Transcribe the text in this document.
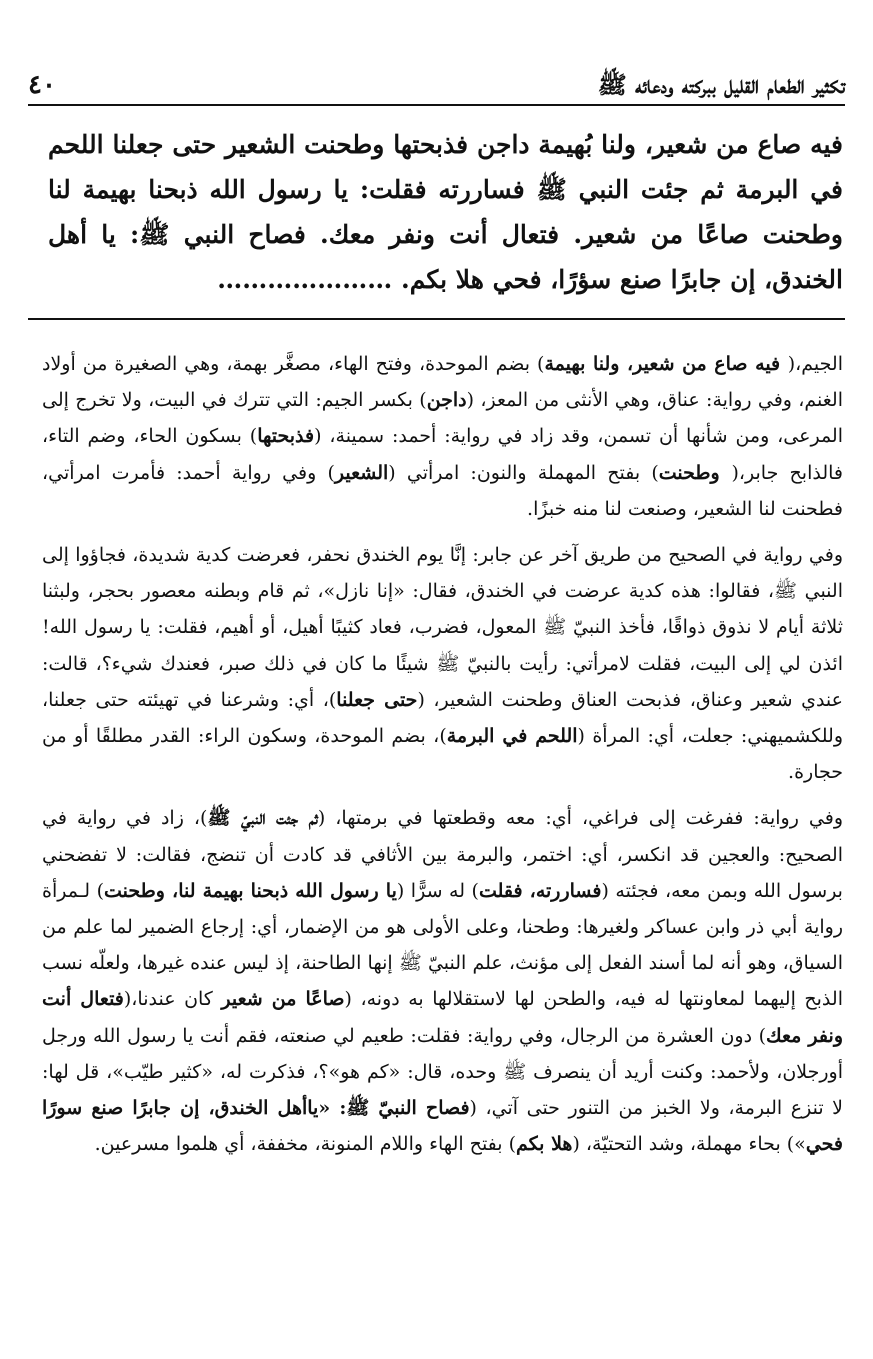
تكثير الطعام القليل ببركته ودعائه ﷺ
٤٠
فيه صاع من شعير، ولنا بُهيمة داجن فذبحتها وطحنت الشعير حتى جعلنا اللحم في البرمة ثم جئت النبي ﷺ فساررته فقلت: يا رسول الله ذبحنا بهيمة لنا وطحنت صاعًا من شعير. فتعال أنت ونفر معك. فصاح النبي ﷺ: يا أهل الخندق، إن جابرًا صنع سؤرًا، فحي هلا بكم. …………………

الجيم،( فيه صاع من شعير، ولنا بهيمة) بضم الموحدة، وفتح الهاء، مصغَّر بهمة، وهي الصغيرة من أولاد الغنم، وفي رواية: عناق، وهي الأنثى من المعز، (داجن) بكسر الجيم: التي تترك في البيت، ولا تخرج إلى المرعى، ومن شأنها أن تسمن، وقد زاد في رواية: أحمد: سمينة، (فذبحتها) بسكون الحاء، وضم التاء، فالذابح جابر،( وطحنت) بفتح المهملة والنون: امرأتي (الشعير) وفي رواية أحمد: فأمرت امرأتي، فطحنت لنا الشعير، وصنعت لنا منه خبزًا.

وفي رواية في الصحيح من طريق آخر عن جابر: إنَّا يوم الخندق نحفر، فعرضت كدية شديدة، فجاؤوا إلى النبي ﷺ، فقالوا: هذه كدية عرضت في الخندق، فقال: «إنا نازل»، ثم قام وبطنه معصور بحجر، ولبثنا ثلاثة أيام لا نذوق ذواقًا، فأخذ النبيّ ﷺ المعول، فضرب، فعاد كثيبًا أهيل، أو أهيم، فقلت: يا رسول الله! ائذن لي إلى البيت، فقلت لامرأتي: رأيت بالنبيّ ﷺ شيئًا ما كان في ذلك صبر، فعندك شيء؟، قالت: عندي شعير وعناق، فذبحت العناق وطحنت الشعير، (حتى جعلنا)، أي: وشرعنا في تهيئته حتى جعلنا، وللكشميهني: جعلت، أي: المرأة (اللحم في البرمة)، بضم الموحدة، وسكون الراء: القدر مطلقًا أو من حجارة.

وفي رواية: ففرغت إلى فراغي، أي: معه وقطعتها في برمتها، (ثم جئت النبيّ ﷺ)، زاد في رواية في الصحيح: والعجين قد انكسر، أي: اختمر، والبرمة بين الأثافي قد كادت أن تنضج، فقالت: لا تفضحني برسول الله وبمن معه، فجئته (فساررته، فقلت) له سرًّا (يا رسول الله ذبحنا بهيمة لنا، وطحنت) لـمرأة رواية أبي ذر وابن عساكر ولغيرها: وطحنا، وعلى الأولى هو من الإضمار، أي: إرجاع الضمير لما علم من السياق، وهو أنه لما أسند الفعل إلى مؤنث، علم النبيّ ﷺ إنها الطاحنة، إذ ليس عنده غيرها، ولعلّه نسب الذبح إليهما لمعاونتها له فيه، والطحن لها لاستقلالها به دونه، (صاعًا من شعير كان عندنا،(فتعال أنت ونفر معك) دون العشرة من الرجال، وفي رواية: فقلت: طعيم لي صنعته، فقم أنت يا رسول الله ورجل أورجلان، ولأحمد: وكنت أريد أن ينصرف ﷺ وحده، قال: «كم هو»؟، فذكرت له، «كثير طيّب»، قل لها: لا تنزع البرمة، ولا الخبز من التنور حتى آتي، (فصاح النبيّ ﷺ: «ياأهل الخندق، إن جابرًا صنع سورًا فحي») بحاء مهملة، وشد التحتيّة، (هلا بكم) بفتح الهاء واللام المنونة، مخففة، أي هلموا مسرعين.
